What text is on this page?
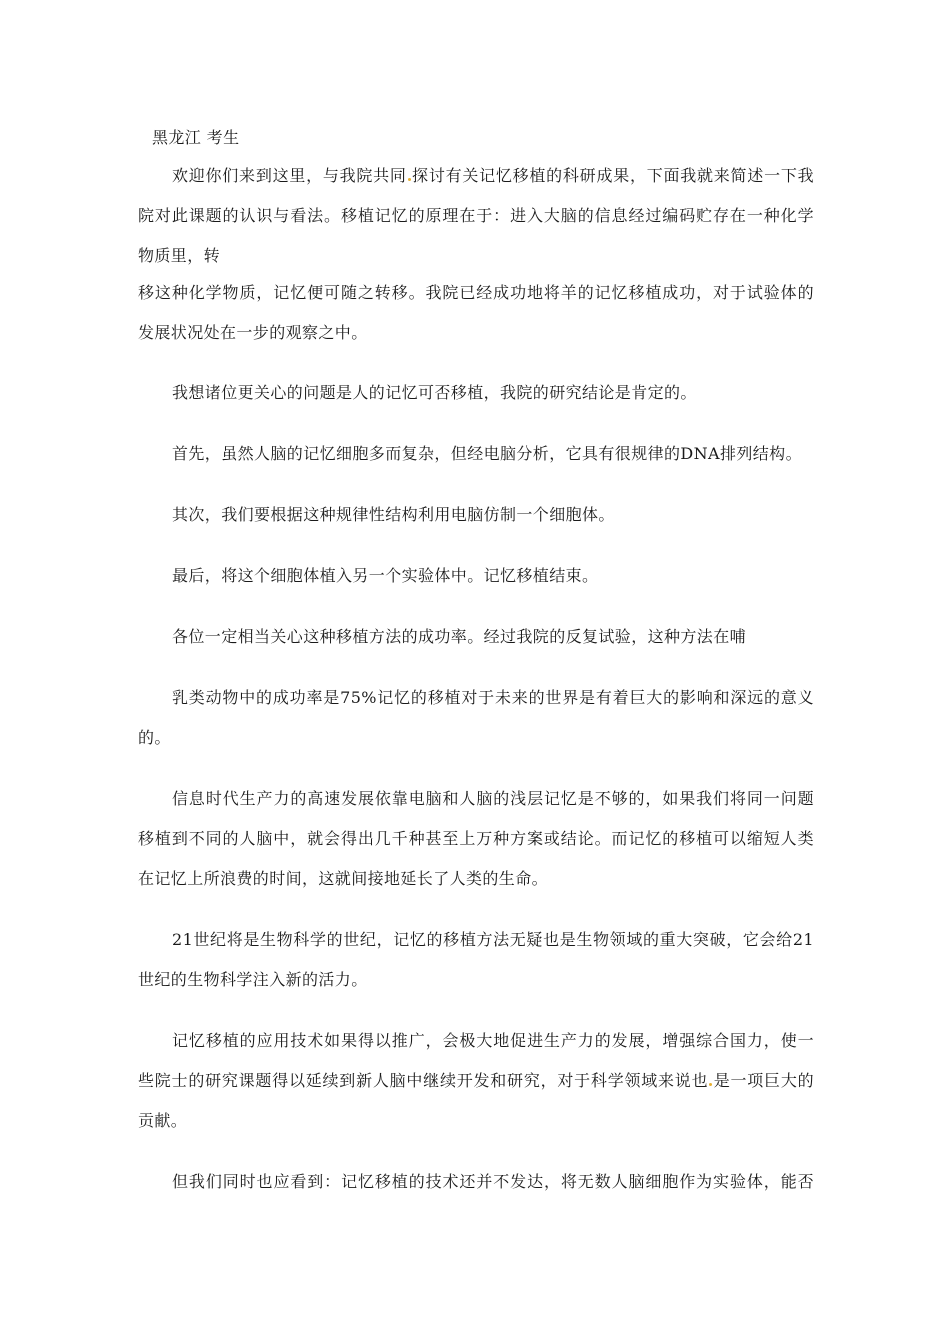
黑龙江 考生
欢迎你们来到这里，与我院共同 探讨有关记忆移植的科研成果，下面我就来简述一下我
院对此课题的认识与看法。移植记忆的原理在于：进入大脑的信息经过编码贮存在一种化学
物质里，转
移这种化学物质，记忆便可随之转移。我院已经成功地将羊的记忆移植成功，对于试验体的
发展状况处在一步的观察之中。
我想诸位更关心的问题是人的记忆可否移植，我院的研究结论是肯定的。
首先，虽然人脑的记忆细胞多而复杂，但经电脑分析，它具有很规律的DNA排列结构。
其次，我们要根据这种规律性结构利用电脑仿制一个细胞体。
最后，将这个细胞体植入另一个实验体中。记忆移植结束。
各位一定相当关心这种移植方法的成功率。经过我院的反复试验，这种方法在哺
乳类动物中的成功率是75%记忆的移植对于未来的世界是有着巨大的影响和深远的意义
的。
信息时代生产力的高速发展依靠电脑和人脑的浅层记忆是不够的，如果我们将同一问题
移植到不同的人脑中，就会得出几千种甚至上万种方案或结论。而记忆的移植可以缩短人类
在记忆上所浪费的时间，这就间接地延长了人类的生命。
21世纪将是生物科学的世纪，记忆的移植方法无疑也是生物领域的重大突破，它会给21
世纪的生物科学注入新的活力。
记忆移植的应用技术如果得以推广，会极大地促进生产力的发展，增强综合国力，使一
些院士的研究课题得以延续到新人脑中继续开发和研究，对于科学领域来说也 是一项巨大的
贡献。
但我们同时也应看到：记忆移植的技术还并不发达，将无数人脑细胞作为实验体，能否
